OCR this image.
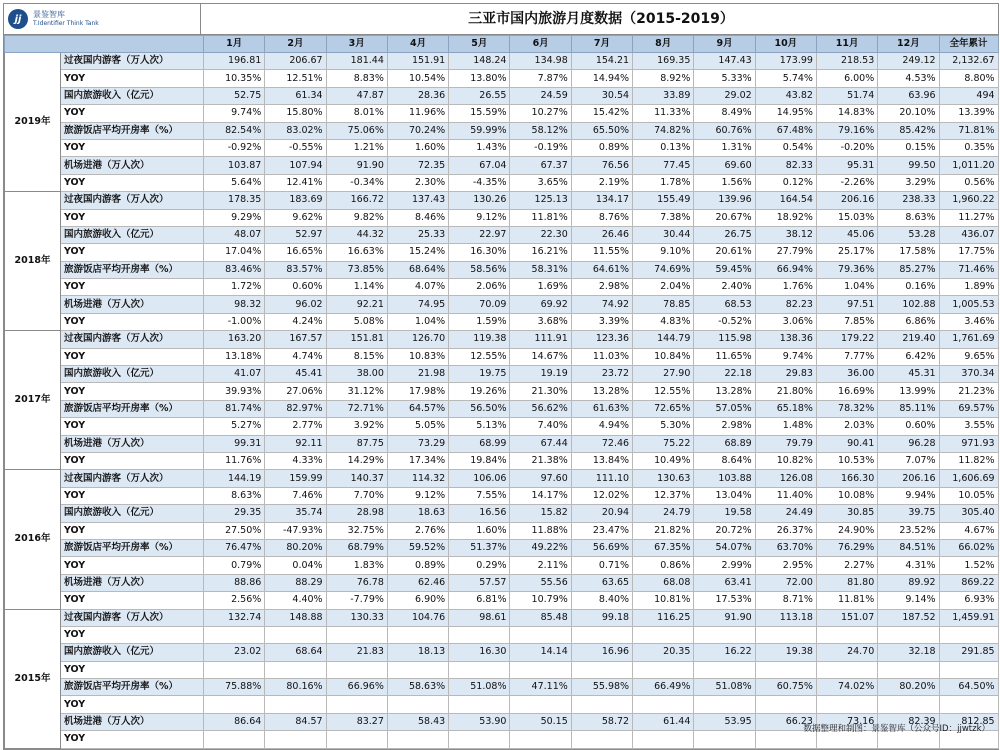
jj	景鉴智库
T.Identifier Think Tank	三亚市国内旅游月度数据（2015-2019）
		1月	2月	3月	4月	5月	6月	7月	8月	9月	10月	11月	12月	全年累计
2019年	过夜国内游客（万人次）	196.81	206.67	181.44	151.91	148.24	134.98	154.21	169.35	147.43	173.99	218.53	249.12	2,132.67
	YOY	10.35%	12.51%	8.83%	10.54%	13.80%	7.87%	14.94%	8.92%	5.33%	5.74%	6.00%	4.53%	8.80%
	国内旅游收入（亿元）	52.75	61.34	47.87	28.36	26.55	24.59	30.54	33.89	29.02	43.82	51.74	63.96	494
	YOY	9.74%	15.80%	8.01%	11.96%	15.59%	10.27%	15.42%	11.33%	8.49%	14.95%	14.83%	20.10%	13.39%
	旅游饭店平均开房率（%）	82.54%	83.02%	75.06%	70.24%	59.99%	58.12%	65.50%	74.82%	60.76%	67.48%	79.16%	85.42%	71.81%
	YOY	-0.92%	-0.55%	1.21%	1.60%	1.43%	-0.19%	0.89%	0.13%	1.31%	0.54%	-0.20%	0.15%	0.35%
	机场进港（万人次）	103.87	107.94	91.90	72.35	67.04	67.37	76.56	77.45	69.60	82.33	95.31	99.50	1,011.20
	YOY	5.64%	12.41%	-0.34%	2.30%	-4.35%	3.65%	2.19%	1.78%	1.56%	0.12%	-2.26%	3.29%	0.56%
2018年	过夜国内游客（万人次）	178.35	183.69	166.72	137.43	130.26	125.13	134.17	155.49	139.96	164.54	206.16	238.33	1,960.22
	YOY	9.29%	9.62%	9.82%	8.46%	9.12%	11.81%	8.76%	7.38%	20.67%	18.92%	15.03%	8.63%	11.27%
	国内旅游收入（亿元）	48.07	52.97	44.32	25.33	22.97	22.30	26.46	30.44	26.75	38.12	45.06	53.28	436.07
	YOY	17.04%	16.65%	16.63%	15.24%	16.30%	16.21%	11.55%	9.10%	20.61%	27.79%	25.17%	17.58%	17.75%
	旅游饭店平均开房率（%）	83.46%	83.57%	73.85%	68.64%	58.56%	58.31%	64.61%	74.69%	59.45%	66.94%	79.36%	85.27%	71.46%
	YOY	1.72%	0.60%	1.14%	4.07%	2.06%	1.69%	2.98%	2.04%	2.40%	1.76%	1.04%	0.16%	1.89%
	机场进港（万人次）	98.32	96.02	92.21	74.95	70.09	69.92	74.92	78.85	68.53	82.23	97.51	102.88	1,005.53
	YOY	-1.00%	4.24%	5.08%	1.04%	1.59%	3.68%	3.39%	4.83%	-0.52%	3.06%	7.85%	6.86%	3.46%
2017年	过夜国内游客（万人次）	163.20	167.57	151.81	126.70	119.38	111.91	123.36	144.79	115.98	138.36	179.22	219.40	1,761.69
	YOY	13.18%	4.74%	8.15%	10.83%	12.55%	14.67%	11.03%	10.84%	11.65%	9.74%	7.77%	6.42%	9.65%
	国内旅游收入（亿元）	41.07	45.41	38.00	21.98	19.75	19.19	23.72	27.90	22.18	29.83	36.00	45.31	370.34
	YOY	39.93%	27.06%	31.12%	17.98%	19.26%	21.30%	13.28%	12.55%	13.28%	21.80%	16.69%	13.99%	21.23%
	旅游饭店平均开房率（%）	81.74%	82.97%	72.71%	64.57%	56.50%	56.62%	61.63%	72.65%	57.05%	65.18%	78.32%	85.11%	69.57%
	YOY	5.27%	2.77%	3.92%	5.05%	5.13%	7.40%	4.94%	5.30%	2.98%	1.48%	2.03%	0.60%	3.55%
	机场进港（万人次）	99.31	92.11	87.75	73.29	68.99	67.44	72.46	75.22	68.89	79.79	90.41	96.28	971.93
	YOY	11.76%	4.33%	14.29%	17.34%	19.84%	21.38%	13.84%	10.49%	8.64%	10.82%	10.53%	7.07%	11.82%
2016年	过夜国内游客（万人次）	144.19	159.99	140.37	114.32	106.06	97.60	111.10	130.63	103.88	126.08	166.30	206.16	1,606.69
	YOY	8.63%	7.46%	7.70%	9.12%	7.55%	14.17%	12.02%	12.37%	13.04%	11.40%	10.08%	9.94%	10.05%
	国内旅游收入（亿元）	29.35	35.74	28.98	18.63	16.56	15.82	20.94	24.79	19.58	24.49	30.85	39.75	305.40
	YOY	27.50%	-47.93%	32.75%	2.76%	1.60%	11.88%	23.47%	21.82%	20.72%	26.37%	24.90%	23.52%	4.67%
	旅游饭店平均开房率（%）	76.47%	80.20%	68.79%	59.52%	51.37%	49.22%	56.69%	67.35%	54.07%	63.70%	76.29%	84.51%	66.02%
	YOY	0.79%	0.04%	1.83%	0.89%	0.29%	2.11%	0.71%	0.86%	2.99%	2.95%	2.27%	4.31%	1.52%
	机场进港（万人次）	88.86	88.29	76.78	62.46	57.57	55.56	63.65	68.08	63.41	72.00	81.80	89.92	869.22
	YOY	2.56%	4.40%	-7.79%	6.90%	6.81%	10.79%	8.40%	10.81%	17.53%	8.71%	11.81%	9.14%	6.93%
2015年	过夜国内游客（万人次）	132.74	148.88	130.33	104.76	98.61	85.48	99.18	116.25	91.90	113.18	151.07	187.52	1,459.91
	YOY													
	国内旅游收入（亿元）	23.02	68.64	21.83	18.13	16.30	14.14	16.96	20.35	16.22	19.38	24.70	32.18	291.85
	YOY													
	旅游饭店平均开房率（%）	75.88%	80.16%	66.96%	58.63%	51.08%	47.11%	55.98%	66.49%	51.08%	60.75%	74.02%	80.20%	64.50%
	YOY													
	机场进港（万人次）	86.64	84.57	83.27	58.43	53.90	50.15	58.72	61.44	53.95	66.23	73.16	82.39	812.85
	YOY													
数据整理和制图：景鉴智库（公众号ID：jjwtzk）
